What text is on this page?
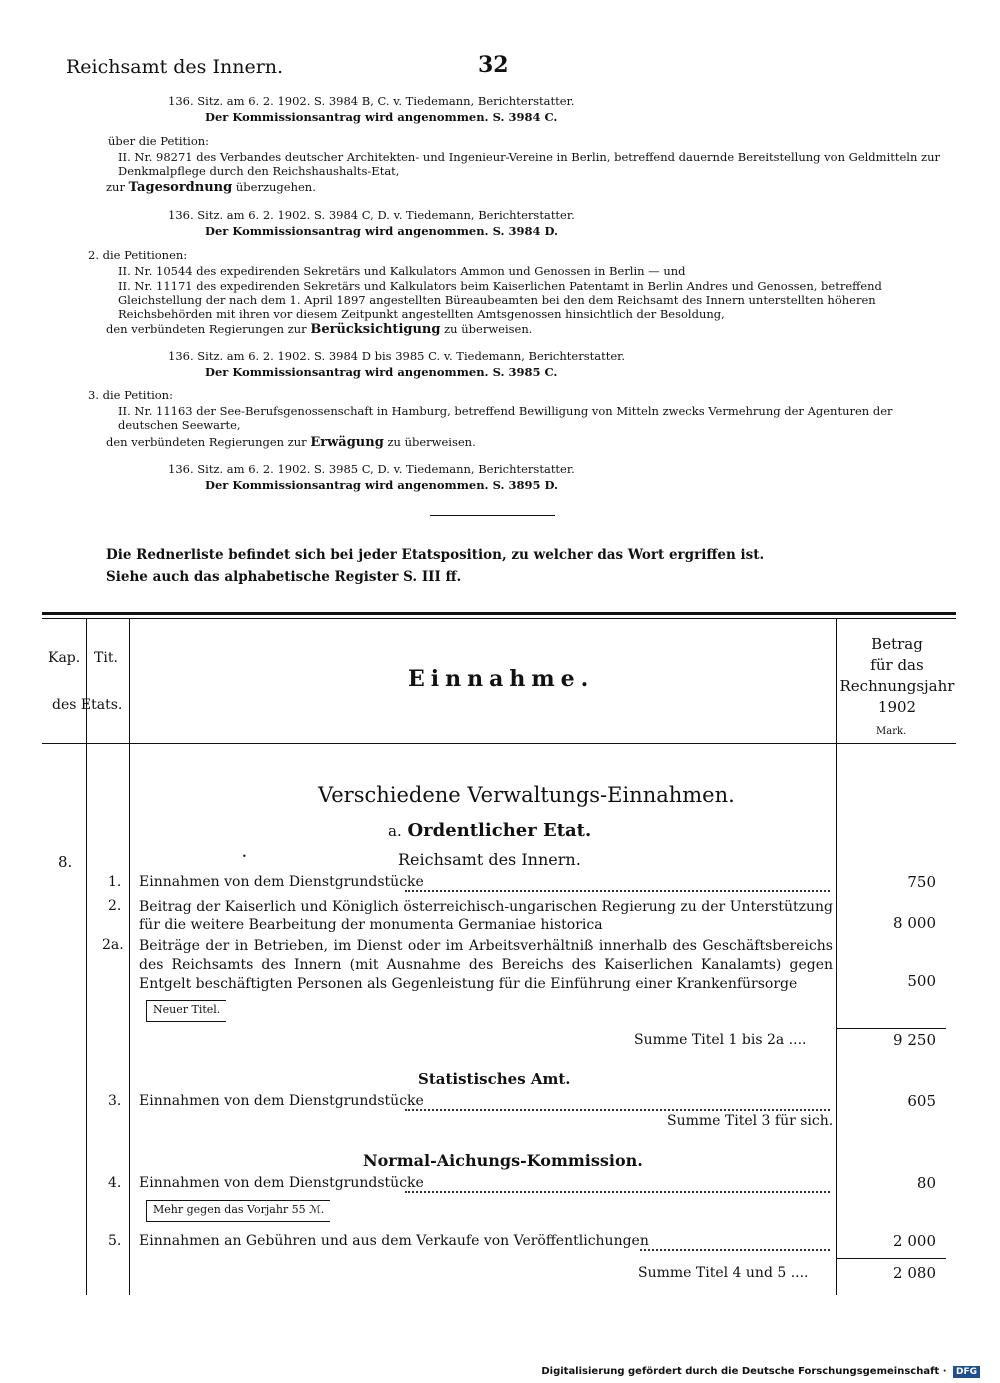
Reichsamt des Innern.	32
136. Sitz. am 6. 2. 1902. S. 3984 B, C. v. Tiedemann, Berichterstatter.
Der Kommissionsantrag wird angenommen. S. 3984 C.
über die Petition:
II. Nr. 98271 des Verbandes deutscher Architekten- und Ingenieur-Vereine in Berlin, betreffend dauernde Bereitstellung von Geldmitteln zur Denkmalpflege durch den Reichshaushalts-Etat,
zur Tagesordnung überzugehen.
136. Sitz. am 6. 2. 1902. S. 3984 C, D. v. Tiedemann, Berichterstatter.
Der Kommissionsantrag wird angenommen. S. 3984 D.
2. die Petitionen:
II. Nr. 10544 des expedirenden Sekretärs und Kalkulators Ammon und Genossen in Berlin — und
II. Nr. 11171 des expedirenden Sekretärs und Kalkulators beim Kaiserlichen Patentamt in Berlin Andres und Genossen, betreffend Gleichstellung der nach dem 1. April 1897 angestellten Büreaubeamten bei den dem Reichsamt des Innern unterstellten höheren Reichsbehörden mit ihren vor diesem Zeitpunkt angestellten Amtsgenossen hinsichtlich der Besoldung,
den verbündeten Regierungen zur Berücksichtigung zu überweisen.
136. Sitz. am 6. 2. 1902. S. 3984 D bis 3985 C. v. Tiedemann, Berichterstatter.
Der Kommissionsantrag wird angenommen. S. 3985 C.
3. die Petition:
II. Nr. 11163 der See-Berufsgenossenschaft in Hamburg, betreffend Bewilligung von Mitteln zwecks Vermehrung der Agenturen der deutschen Seewarte,
den verbündeten Regierungen zur Erwägung zu überweisen.
136. Sitz. am 6. 2. 1902. S. 3985 C, D. v. Tiedemann, Berichterstatter.
Der Kommissionsantrag wird angenommen. S. 3895 D.
Die Rednerliste befindet sich bei jeder Etatsposition, zu welcher das Wort ergriffen ist.
Siehe auch das alphabetische Register S. III ff.
Kap. Tit.
des Etats.
Einnahme.
Betrag
für das
Rechnungsjahr
1902
Mark.
Verschiedene Verwaltungs-Einnahmen.
a. Ordentlicher Etat.
•
8.	Reichsamt des Innern.
1. Einnahmen von dem Dienstgrundstücke	750
2. Beitrag der Kaiserlich und Königlich österreichisch-ungarischen Regierung zu der Unterstützung für die weitere Bearbeitung der monumenta Germaniae historica	8 000
2a. Beiträge der in Betrieben, im Dienst oder im Arbeitsverhältniß innerhalb des Geschäftsbereichs des Reichsamts des Innern (mit Ausnahme des Bereichs des Kaiserlichen Kanalamts) gegen Entgelt beschäftigten Personen als Gegenleistung für die Einführung einer Krankenfürsorge	500
Neuer Titel.
Summe Titel 1 bis 2a ....	9 250
Statistisches Amt.
3. Einnahmen von dem Dienstgrundstücke	605
Summe Titel 3 für sich.
Normal-Aichungs-Kommission.
4. Einnahmen von dem Dienstgrundstücke	80
Mehr gegen das Vorjahr 55 ℳ.
5. Einnahmen an Gebühren und aus dem Verkaufe von Veröffentlichungen	2 000
Summe Titel 4 und 5 ....	2 080
Digitalisierung gefördert durch die Deutsche Forschungsgemeinschaft · DFG
